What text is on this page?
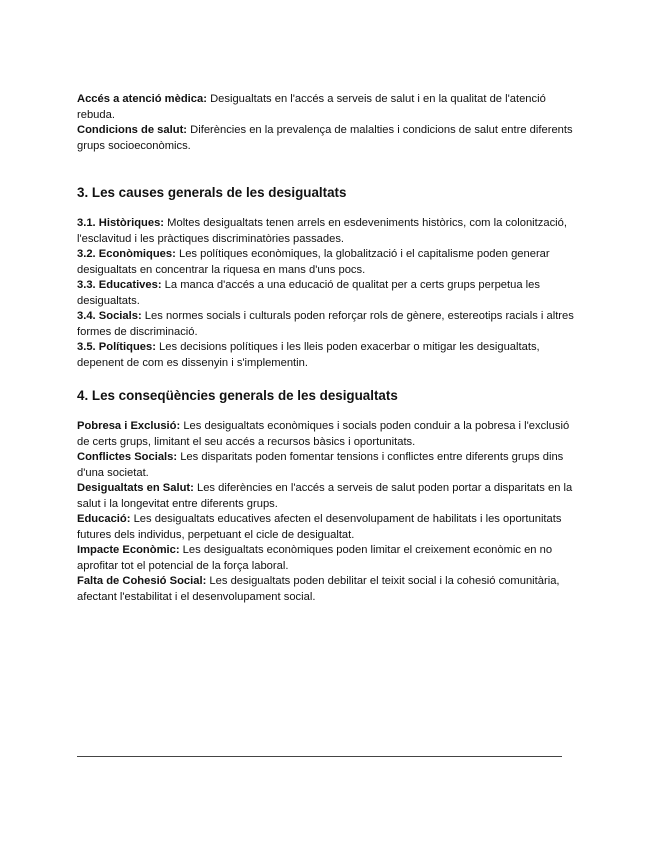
Accés a atenció mèdica: Desigualtats en l'accés a serveis de salut i en la qualitat de l'atenció rebuda.

Condicions de salut: Diferències en la prevalença de malalties i condicions de salut entre diferents grups socioeconòmics.

3. Les causes generals de les desigualtats

3.1. Històriques: Moltes desigualtats tenen arrels en esdeveniments històrics, com la colonització, l'esclavitud i les pràctiques discriminatòries passades.

3.2. Econòmiques: Les polítiques econòmiques, la globalització i el capitalisme poden generar desigualtats en concentrar la riquesa en mans d'uns pocs.

3.3. Educatives: La manca d'accés a una educació de qualitat per a certs grups perpetua les desigualtats.

3.4. Socials: Les normes socials i culturals poden reforçar rols de gènere, estereotips racials i altres formes de discriminació.

3.5. Polítiques: Les decisions polítiques i les lleis poden exacerbar o mitigar les desigualtats, depenent de com es dissenyin i s'implementin.

4. Les conseqüències generals de les desigualtats

Pobresa i Exclusió: Les desigualtats econòmiques i socials poden conduir a la pobresa i l'exclusió de certs grups, limitant el seu accés a recursos bàsics i oportunitats.

Conflictes Socials: Les disparitats poden fomentar tensions i conflictes entre diferents grups dins d'una societat.

Desigualtats en Salut: Les diferències en l'accés a serveis de salut poden portar a disparitats en la salut i la longevitat entre diferents grups.

Educació: Les desigualtats educatives afecten el desenvolupament de habilitats i les oportunitats futures dels individus, perpetuant el cicle de desigualtat.

Impacte Econòmic: Les desigualtats econòmiques poden limitar el creixement econòmic en no aprofitar tot el potencial de la força laboral.

Falta de Cohesió Social: Les desigualtats poden debilitar el teixit social i la cohesió comunitària, afectant l'estabilitat i el desenvolupament social.
